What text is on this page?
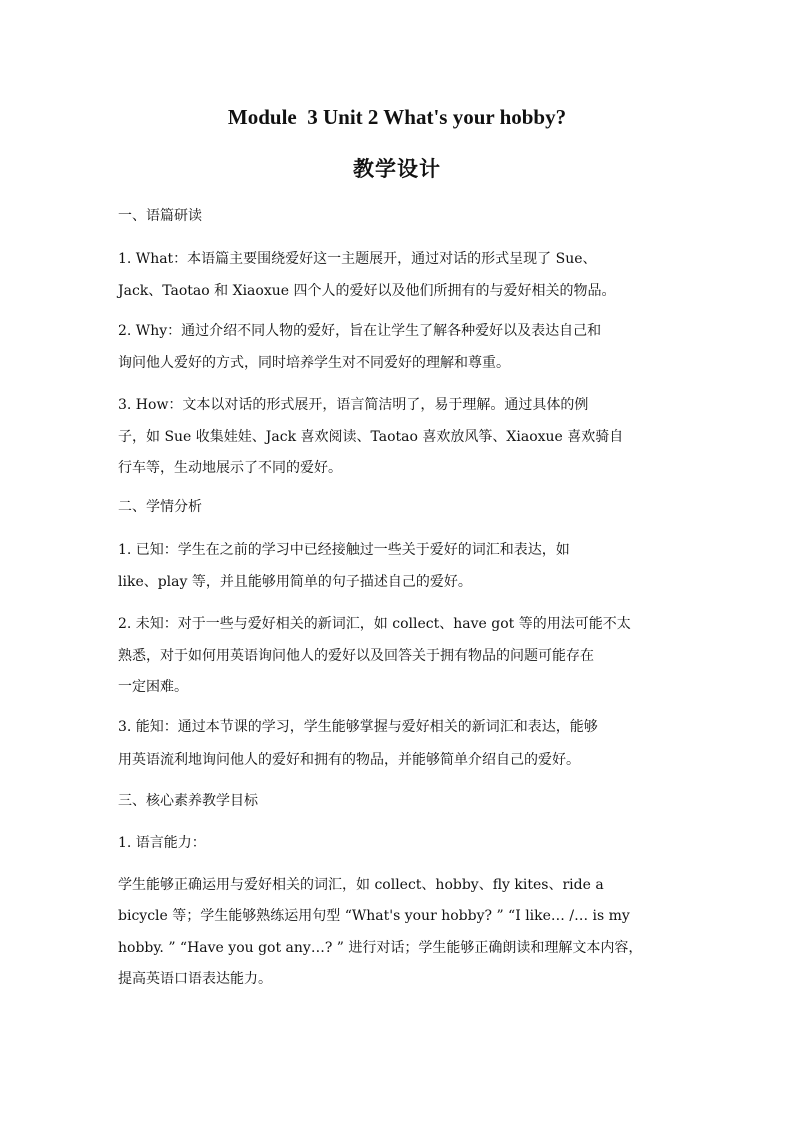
Module  3 Unit 2 What's your hobby?
教学设计
一、语篇研读
1. What：本语篇主要围绕爱好这一主题展开，通过对话的形式呈现了 Sue、
Jack、Taotao 和 Xiaoxue 四个人的爱好以及他们所拥有的与爱好相关的物品。
2. Why：通过介绍不同人物的爱好，旨在让学生了解各种爱好以及表达自己和
询问他人爱好的方式，同时培养学生对不同爱好的理解和尊重。
3. How：文本以对话的形式展开，语言简洁明了，易于理解。通过具体的例
子，如 Sue 收集娃娃、Jack 喜欢阅读、Taotao 喜欢放风筝、Xiaoxue 喜欢骑自
行车等，生动地展示了不同的爱好。
二、学情分析
1. 已知：学生在之前的学习中已经接触过一些关于爱好的词汇和表达，如
like、play 等，并且能够用简单的句子描述自己的爱好。
2. 未知：对于一些与爱好相关的新词汇，如 collect、have got 等的用法可能不太
熟悉，对于如何用英语询问他人的爱好以及回答关于拥有物品的问题可能存在
一定困难。
3. 能知：通过本节课的学习，学生能够掌握与爱好相关的新词汇和表达，能够
用英语流利地询问他人的爱好和拥有的物品，并能够简单介绍自己的爱好。
三、核心素养教学目标
1. 语言能力：
学生能够正确运用与爱好相关的词汇，如 collect、hobby、fly kites、ride a
bicycle 等；学生能够熟练运用句型 “What's your hobby? ” “I like… /… is my
hobby. ” “Have you got any…? ” 进行对话；学生能够正确朗读和理解文本内容，
提高英语口语表达能力。
